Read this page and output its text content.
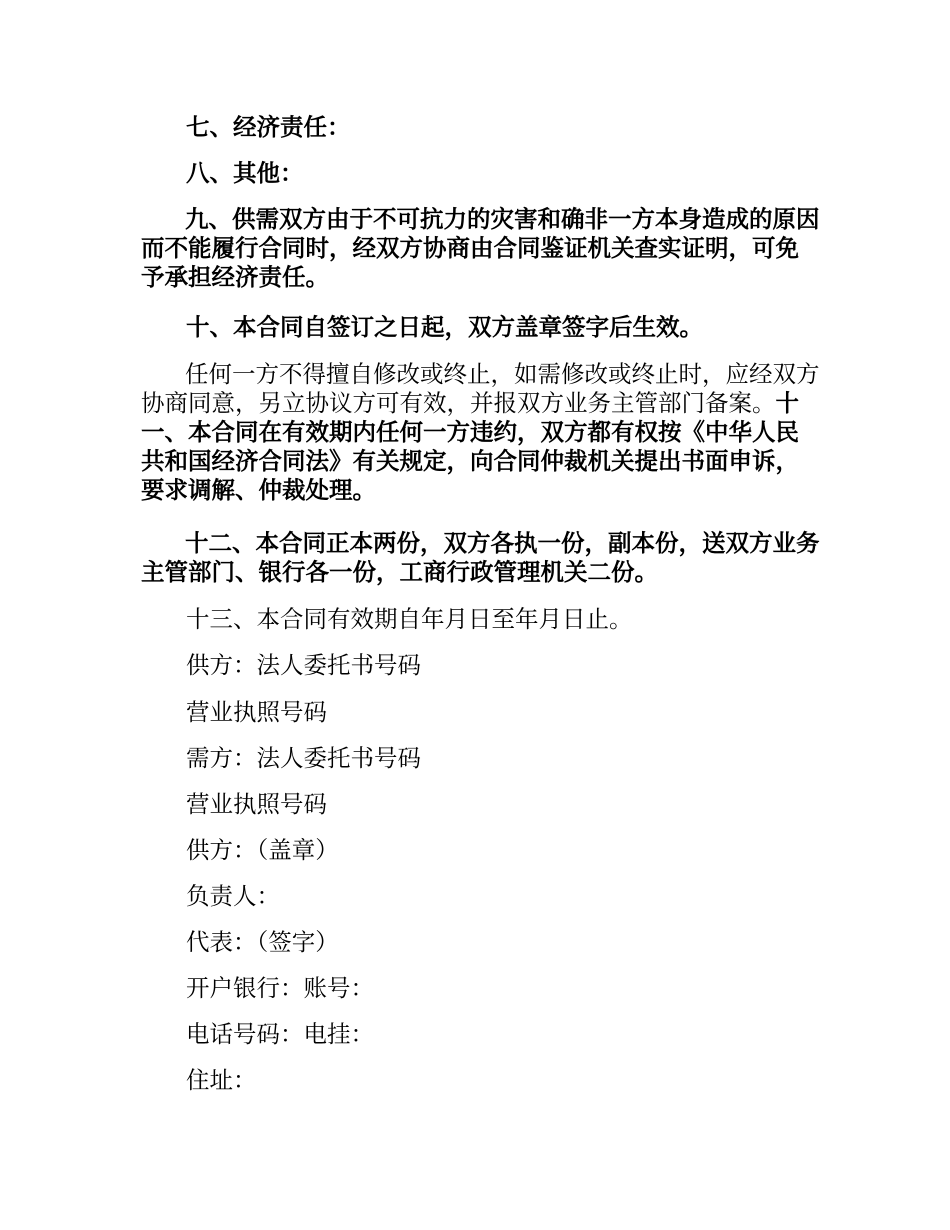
七、经济责任：

八、其他：

九、供需双方由于不可抗力的灾害和确非一方本身造成的原因而不能履行合同时，经双方协商由合同鉴证机关查实证明，可免予承担经济责任。

十、本合同自签订之日起，双方盖章签字后生效。

任何一方不得擅自修改或终止，如需修改或终止时，应经双方协商同意，另立协议方可有效，并报双方业务主管部门备案。十一、本合同在有效期内任何一方违约，双方都有权按《中华人民共和国经济合同法》有关规定，向合同仲裁机关提出书面申诉，要求调解、仲裁处理。

十二、本合同正本两份，双方各执一份，副本份，送双方业务主管部门、银行各一份，工商行政管理机关二份。

十三、本合同有效期自年月日至年月日止。

供方：法人委托书号码

营业执照号码

需方：法人委托书号码

营业执照号码

供方：（盖章）

负责人：

代表：（签字）

开户银行：账号：

电话号码：电挂：

住址：
